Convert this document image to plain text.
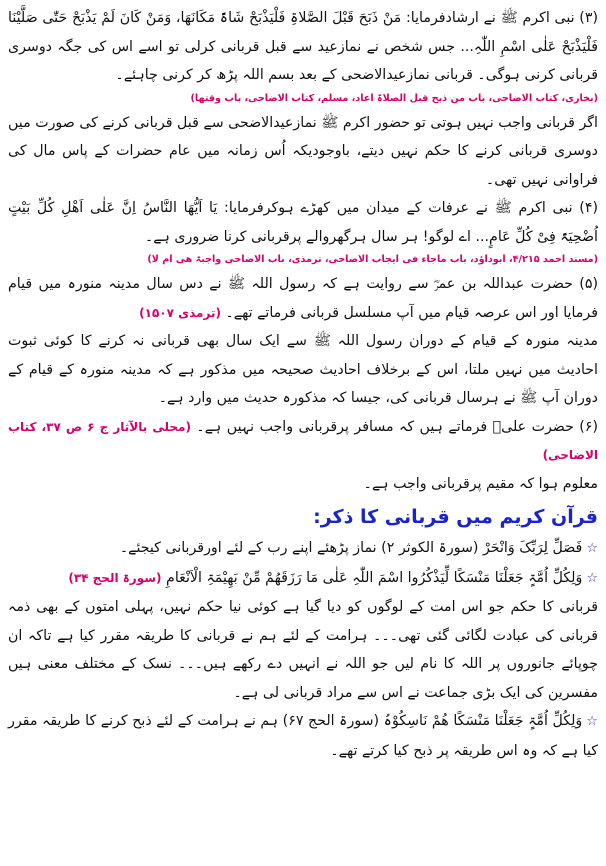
(۳) نبی اکرم ﷺ نے ارشادفرمایا: مَنْ ذَبَحَ قَبْلَ الصَّلاۃِ فَلْیَذْبَحْ شَاۃً مَکَانَھَا، وَمَنْ کَانَ لَمْ یَذْبَحْ حَتّٰی صَلَّیْنَا فَلْیَذْبَحْ عَلٰی اسْمِ اللّٰہِ... جس شخص نے نمازعید سے قبل قربانی کرلی تو اسے اس کی جگہ دوسری قربانی کرنی ہوگی۔ قربانی نمازعیدالاضحی کے بعد بسم اللہ پڑھ کر کرنی چاہئے۔

(بخاری، کتاب الاضاحی، باب من ذبح قبل الصلاۃ اعاد، مسلم، کتاب الاضاحی، باب وقتھا)

اگر قربانی واجب نہیں ہوتی تو حضور اکرم ﷺ نمازعیدالاضحی سے قبل قربانی کرنے کی صورت میں دوسری قربانی کرنے کا حکم نہیں دیتے، باوجودیکہ اُس زمانہ میں عام حضرات کے پاس مال کی فراوانی نہیں تھی۔

(۴) نبی اکرم ﷺ نے عرفات کے میدان میں کھڑے ہوکرفرمایا: یَا اَیُّھَا النَّاسُ اِنَّ عَلٰی اَھْلِ کُلِّ بَیْتٍ اُضْحِیَۃً فِیْ کُلِّ عَامٍ... اے لوگو! ہر سال ہرگھروالے پرقربانی کرنا ضروری ہے۔

(مسند احمد ۴/۲۱۵، ابوداؤد، باب ماجاء فی ایجاب الاضاحی، ترمذی، باب الاضاحی واجبۃ ھی ام لا)

(۵) حضرت عبداللہ بن عمرؓ سے روایت ہے کہ رسول اللہ ﷺ نے دس سال مدینہ منورہ میں قیام فرمایا اور اس عرصہ قیام میں آپ مسلسل قربانی فرماتے تھے۔ (ترمذی ۱۵۰۷)

مدینہ منورہ کے قیام کے دوران رسول اللہ ﷺ سے ایک سال بھی قربانی نہ کرنے کا کوئی ثبوت احادیث میں نہیں ملتا، اس کے برخلاف احادیث صحیحہ میں مذکور ہے کہ مدینہ منورہ کے قیام کے دوران آپ ﷺ نے ہرسال قربانی کی، جیسا کہ مذکورہ حدیث میں وارد ہے۔

(۶) حضرت علیؓ فرماتے ہیں کہ مسافر پرقربانی واجب نہیں ہے۔ (محلی بالآثار ج ۶ ص ۳۷، کتاب الاضاحی)

معلوم ہوا کہ مقیم پرقربانی واجب ہے۔

قرآن کریم میں قربانی کا ذکر:

☆فَصَلِّ لِرَبِّکَ وَانْحَرْ (سورۃ الکوثر ۲) نماز پڑھئے اپنے رب کے لئے اورقربانی کیجئے۔

☆وَلِکُلِّ اُمَّۃٍ جَعَلْنَا مَنْسَکًا لِّیَذْکُرُوا اسْمَ اللّٰہِ عَلٰی مَا رَزَقَھُمْ مِّنْ بَھِیْمَۃِ الْاَنْعَامِ (سورۃ الحج ۳۴)

قربانی کا حکم جو اس امت کے لوگوں کو دیا گیا ہے کوئی نیا حکم نہیں، پہلی امتوں کے بھی ذمہ قربانی کی عبادت لگائی گئی تھی۔۔۔ ہرامت کے لئے ہم نے قربانی کا طریقہ مقرر کیا ہے تاکہ ان چوپائے جانوروں پر اللہ کا نام لیں جو اللہ نے انہیں دے رکھے ہیں۔۔۔ نسک کے مختلف معنی ہیں مفسرین کی ایک بڑی جماعت نے اس سے مراد قربانی لی ہے۔

☆وَلِکُلِّ اُمَّۃٍ جَعَلْنَا مَنْسَکًا ھُمْ نَاسِکُوْہُ (سورۃ الحج ۶۷) ہم نے ہرامت کے لئے ذبح کرنے کا طریقہ مقرر کیا ہے کہ وہ اس طریقہ پر ذبح کیا کرتے تھے۔
